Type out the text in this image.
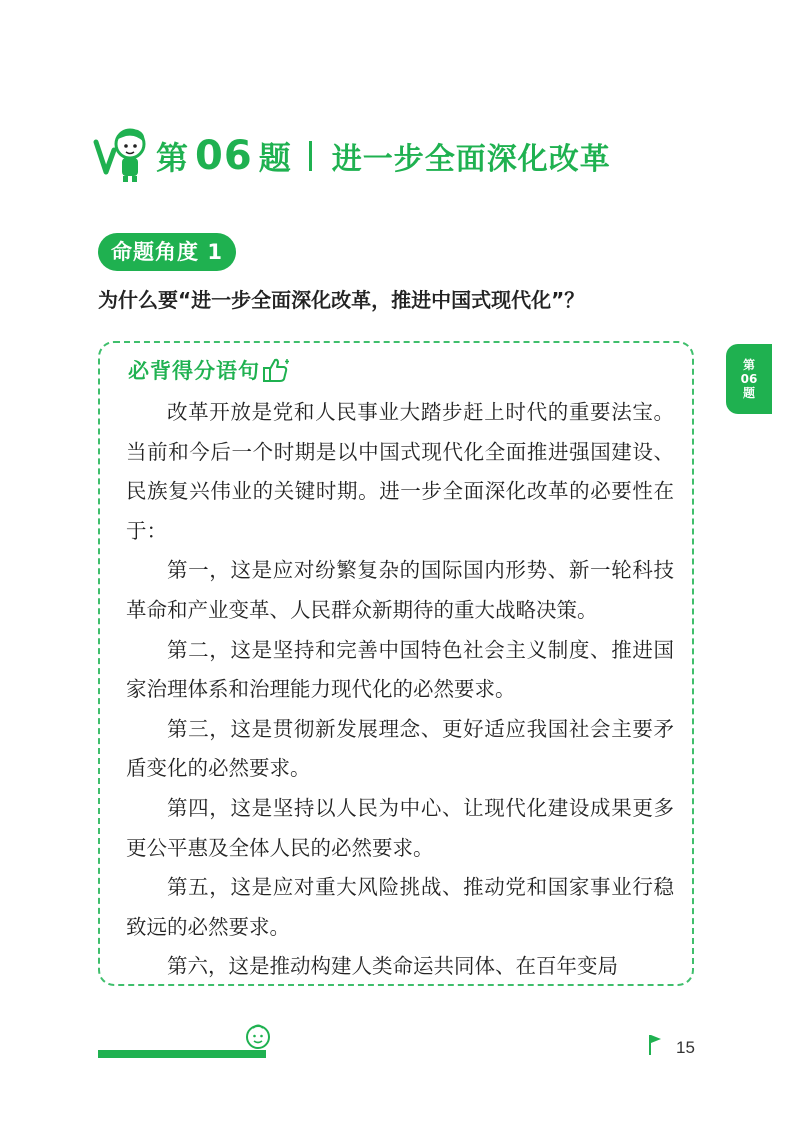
第 06 题 进一步全面深化改革
命题角度 1
为什么要“进一步全面深化改革，推进中国式现代化”？
必背得分语句

改革开放是党和人民事业大踏步赶上时代的重要法宝。当前和今后一个时期是以中国式现代化全面推进强国建设、民族复兴伟业的关键时期。进一步全面深化改革的必要性在于：

第一，这是应对纷繁复杂的国际国内形势、新一轮科技革命和产业变革、人民群众新期待的重大战略决策。

第二，这是坚持和完善中国特色社会主义制度、推进国家治理体系和治理能力现代化的必然要求。

第三，这是贯彻新发展理念、更好适应我国社会主要矛盾变化的必然要求。

第四，这是坚持以人民为中心、让现代化建设成果更多更公平惠及全体人民的必然要求。

第五，这是应对重大风险挑战、推动党和国家事业行稳致远的必然要求。

第六，这是推动构建人类命运共同体、在百年变局

第
06
题
15
